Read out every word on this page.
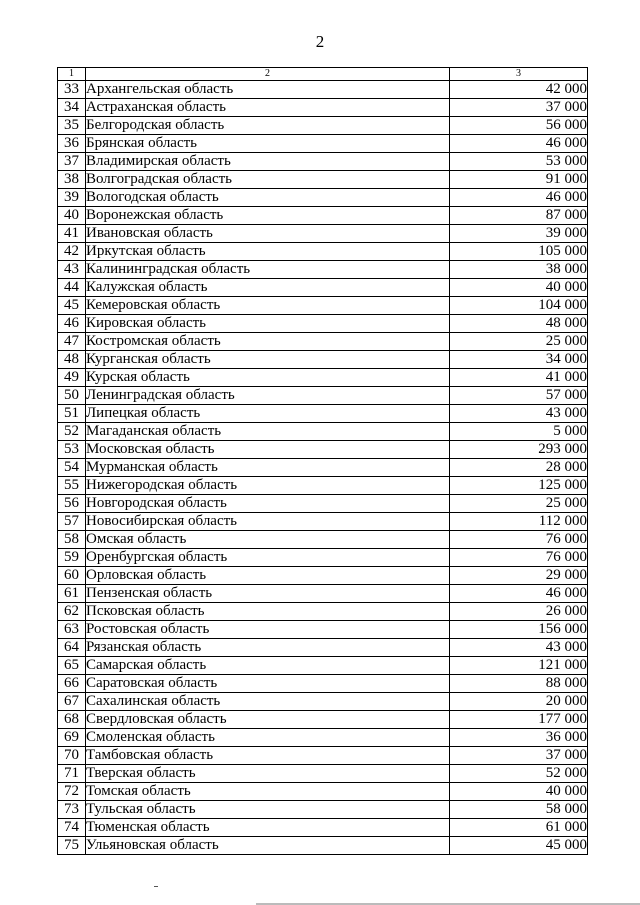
2
1	2	3
33	Архангельская область	42 000
34	Астраханская область	37 000
35	Белгородская область	56 000
36	Брянская область	46 000
37	Владимирская область	53 000
38	Волгоградская область	91 000
39	Вологодская область	46 000
40	Воронежская область	87 000
41	Ивановская область	39 000
42	Иркутская область	105 000
43	Калининградская область	38 000
44	Калужская область	40 000
45	Кемеровская область	104 000
46	Кировская область	48 000
47	Костромская область	25 000
48	Курганская область	34 000
49	Курская область	41 000
50	Ленинградская область	57 000
51	Липецкая область	43 000
52	Магаданская область	5 000
53	Московская область	293 000
54	Мурманская область	28 000
55	Нижегородская область	125 000
56	Новгородская область	25 000
57	Новосибирская область	112 000
58	Омская область	76 000
59	Оренбургская область	76 000
60	Орловская область	29 000
61	Пензенская область	46 000
62	Псковская область	26 000
63	Ростовская область	156 000
64	Рязанская область	43 000
65	Самарская область	121 000
66	Саратовская область	88 000
67	Сахалинская область	20 000
68	Свердловская область	177 000
69	Смоленская область	36 000
70	Тамбовская область	37 000
71	Тверская область	52 000
72	Томская область	40 000
73	Тульская область	58 000
74	Тюменская область	61 000
75	Ульяновская область	45 000
